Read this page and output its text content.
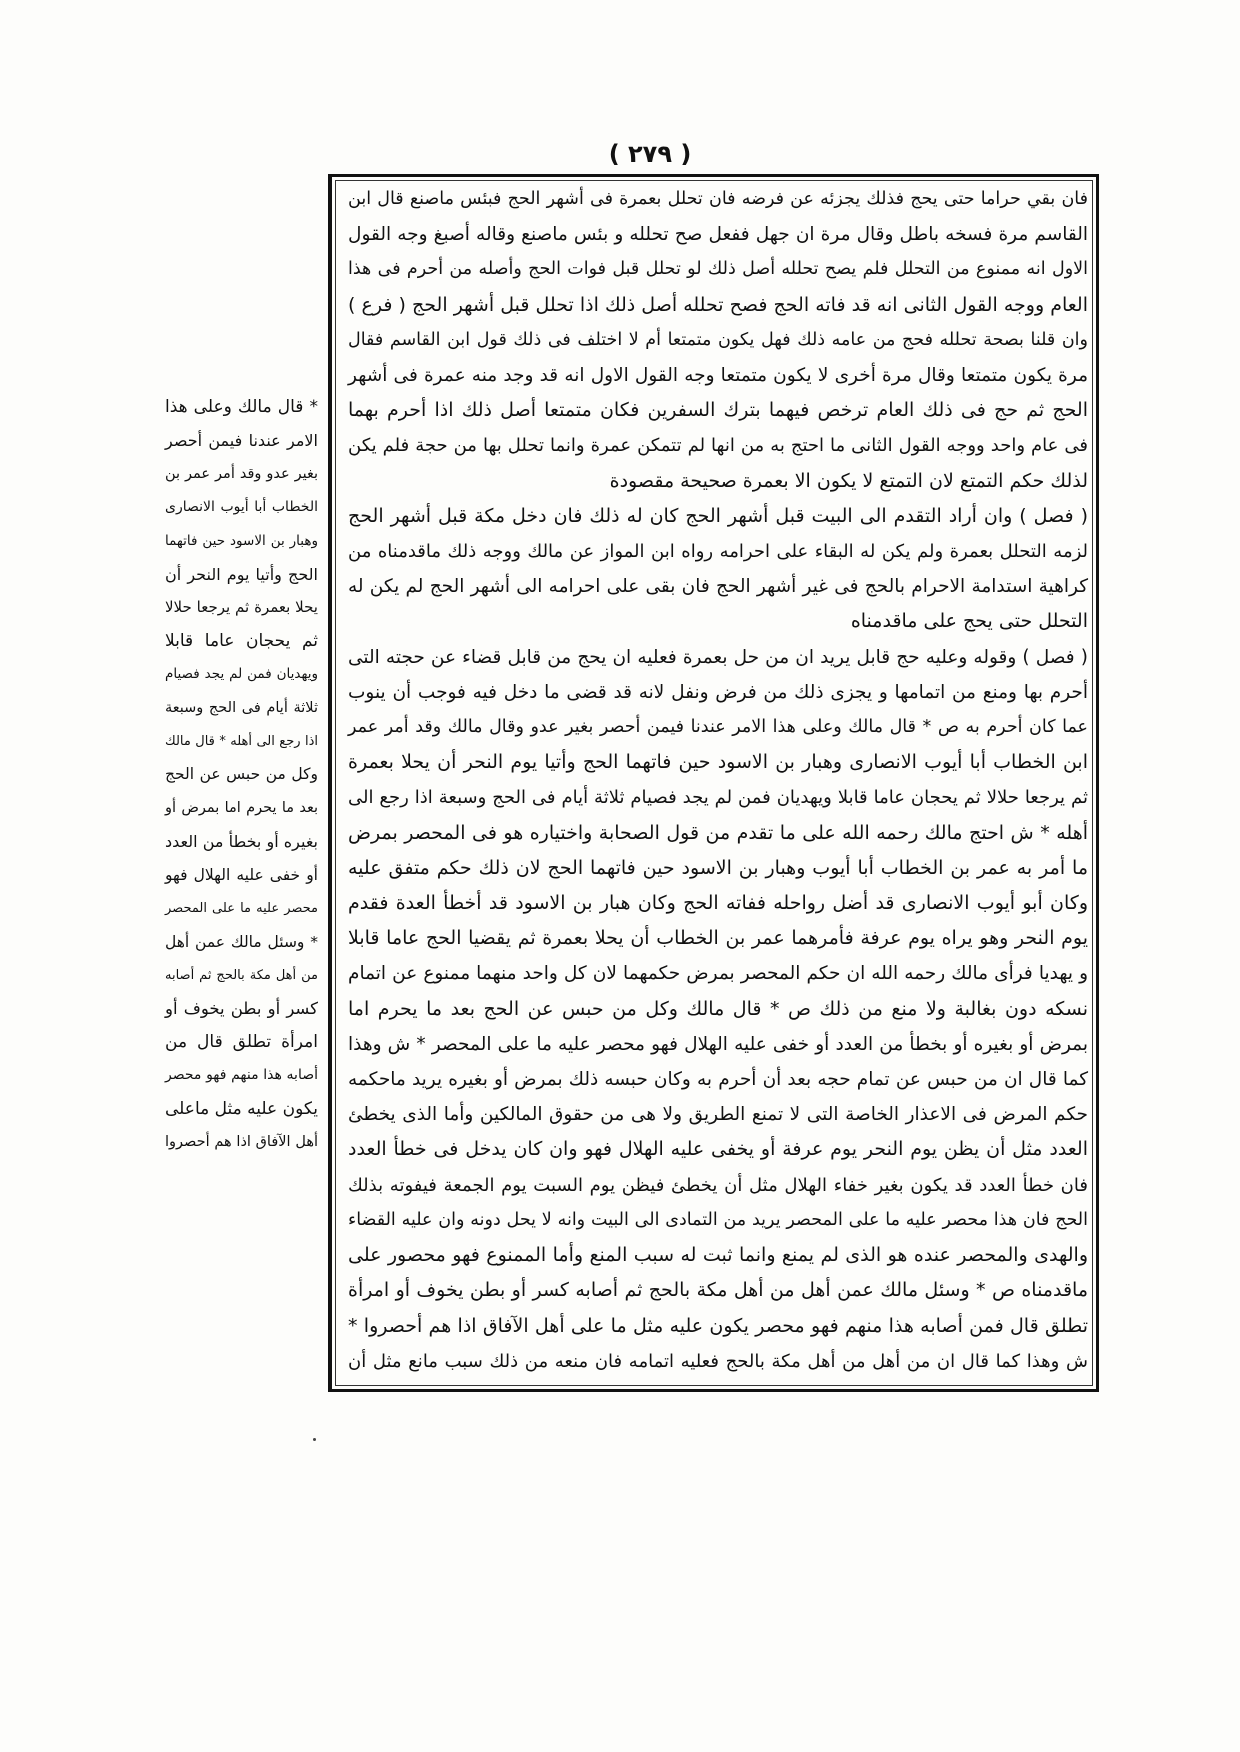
( ٢٧٩ )
فان بقي حراما حتى يحج فذلك يجزئه عن فرضه فان تحلل بعمرة فى أشهر الحج فبئس ماصنع قال ابن
القاسم مرة فسخه باطل وقال مرة ان جهل ففعل صح تحلله و بئس ماصنع وقاله أصبغ وجه القول
الاول انه ممنوع من التحلل فلم يصح تحلله أصل ذلك لو تحلل قبل فوات الحج وأصله من أحرم فى هذا
العام ووجه القول الثانى انه قد فاته الحج فصح تحلله أصل ذلك اذا تحلل قبل أشهر الحج ( فرع )
وان قلنا بصحة تحلله فحج من عامه ذلك فهل يكون متمتعا أم لا اختلف فى ذلك قول ابن القاسم فقال
مرة يكون متمتعا وقال مرة أخرى لا يكون متمتعا وجه القول الاول انه قد وجد منه عمرة فى أشهر
الحج ثم حج فى ذلك العام ترخص فيهما بترك السفرين فكان متمتعا أصل ذلك اذا أحرم بهما
فى عام واحد ووجه القول الثانى ما احتج به من انها لم تتمكن عمرة وانما تحلل بها من حجة فلم يكن
لذلك حكم التمتع لان التمتع لا يكون الا بعمرة صحيحة مقصودة
( فصل ) وان أراد التقدم الى البيت قبل أشهر الحج كان له ذلك فان دخل مكة قبل أشهر الحج
لزمه التحلل بعمرة ولم يكن له البقاء على احرامه رواه ابن المواز عن مالك ووجه ذلك ماقدمناه من
كراهية استدامة الاحرام بالحج فى غير أشهر الحج فان بقى على احرامه الى أشهر الحج لم يكن له
التحلل حتى يحج على ماقدمناه
( فصل ) وقوله وعليه حج قابل يريد ان من حل بعمرة فعليه ان يحج من قابل قضاء عن حجته التى
أحرم بها ومنع من اتمامها و يجزى ذلك من فرض ونفل لانه قد قضى ما دخل فيه فوجب أن ينوب
عما كان أحرم به ص * قال مالك وعلى هذا الامر عندنا فيمن أحصر بغير عدو وقال مالك وقد أمر عمر
ابن الخطاب أبا أيوب الانصارى وهبار بن الاسود حين فاتهما الحج وأتيا يوم النحر أن يحلا بعمرة
ثم يرجعا حلالا ثم يحجان عاما قابلا ويهديان فمن لم يجد فصيام ثلاثة أيام فى الحج وسبعة اذا رجع الى
أهله * ش احتج مالك رحمه الله على ما تقدم من قول الصحابة واختياره هو فى المحصر بمرض
ما أمر به عمر بن الخطاب أبا أيوب وهبار بن الاسود حين فاتهما الحج لان ذلك حكم متفق عليه
وكان أبو أيوب الانصارى قد أضل رواحله ففاته الحج وكان هبار بن الاسود قد أخطأ العدة فقدم
يوم النحر وهو يراه يوم عرفة فأمرهما عمر بن الخطاب أن يحلا بعمرة ثم يقضيا الحج عاما قابلا
و يهديا فرأى مالك رحمه الله ان حكم المحصر بمرض حكمهما لان كل واحد منهما ممنوع عن اتمام
نسكه دون بغالبة ولا منع من ذلك ص * قال مالك وكل من حبس عن الحج بعد ما يحرم اما
بمرض أو بغيره أو بخطأ من العدد أو خفى عليه الهلال فهو محصر عليه ما على المحصر * ش وهذا
كما قال ان من حبس عن تمام حجه بعد أن أحرم به وكان حبسه ذلك بمرض أو بغيره يريد ماحكمه
حكم المرض فى الاعذار الخاصة التى لا تمنع الطريق ولا هى من حقوق المالكين وأما الذى يخطئ
العدد مثل أن يظن يوم النحر يوم عرفة أو يخفى عليه الهلال فهو وان كان يدخل فى خطأ العدد
فان خطأ العدد قد يكون بغير خفاء الهلال مثل أن يخطئ فيظن يوم السبت يوم الجمعة فيفوته بذلك
الحج فان هذا محصر عليه ما على المحصر يريد من التمادى الى البيت وانه لا يحل دونه وان عليه القضاء
والهدى والمحصر عنده هو الذى لم يمنع وانما ثبت له سبب المنع وأما الممنوع فهو محصور على
ماقدمناه ص * وسئل مالك عمن أهل من أهل مكة بالحج ثم أصابه كسر أو بطن يخوف أو امرأة
تطلق قال فمن أصابه هذا منهم فهو محصر يكون عليه مثل ما على أهل الآفاق اذا هم أحصروا *
ش وهذا كما قال ان من أهل من أهل مكة بالحج فعليه اتمامه فان منعه من ذلك سبب مانع مثل أن
* قال مالك وعلى هذا
الامر عندنا فيمن أحصر
بغير عدو وقد أمر عمر بن
الخطاب أبا أيوب الانصارى
وهبار بن الاسود حين فاتهما
الحج وأتيا يوم النحر أن
يحلا بعمرة ثم يرجعا حلالا
ثم يحجان عاما قابلا
ويهديان فمن لم يجد فصيام
ثلاثة أيام فى الحج وسبعة
اذا رجع الى أهله * قال مالك
وكل من حبس عن الحج
بعد ما يحرم اما بمرض أو
بغيره أو بخطأ من العدد
أو خفى عليه الهلال فهو
محصر عليه ما على المحصر
* وسئل مالك عمن أهل
من أهل مكة بالحج ثم أصابه
كسر أو بطن يخوف أو
امرأة تطلق قال من
أصابه هذا منهم فهو محصر
يكون عليه مثل ماعلى
أهل الآفاق اذا هم أحصروا
